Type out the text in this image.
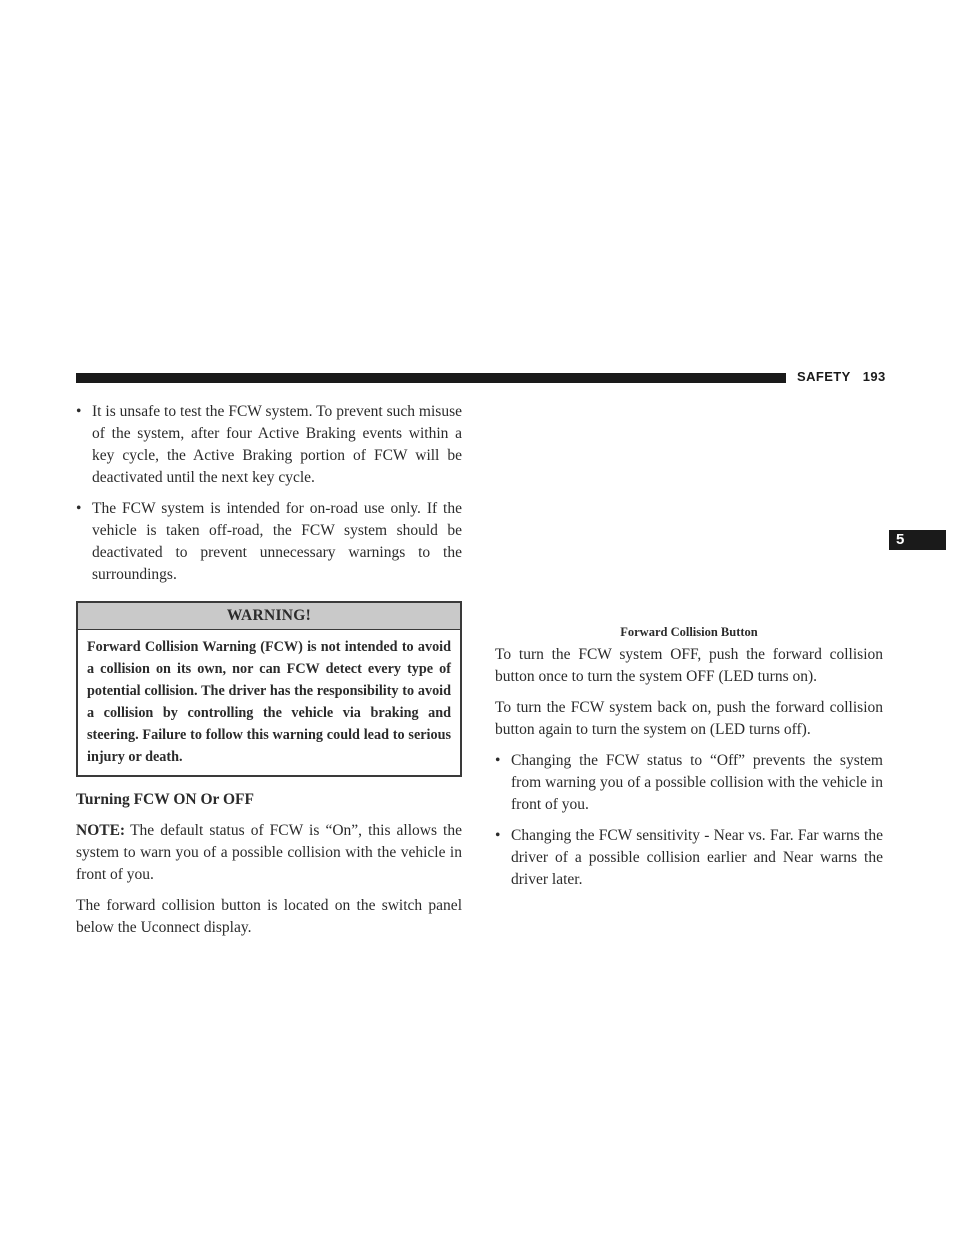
SAFETY 193
5
• It is unsafe to test the FCW system. To prevent such misuse of the system, after four Active Braking events within a key cycle, the Active Braking portion of FCW will be deactivated until the next key cycle.
• The FCW system is intended for on-road use only. If the vehicle is taken off-road, the FCW system should be deactivated to prevent unnecessary warnings to the surroundings.
WARNING!
Forward Collision Warning (FCW) is not intended to avoid a collision on its own, nor can FCW detect every type of potential collision. The driver has the responsibility to avoid a collision by controlling the vehicle via braking and steering. Failure to follow this warning could lead to serious injury or death.
Turning FCW ON Or OFF
NOTE: The default status of FCW is “On”, this allows the system to warn you of a possible collision with the vehicle in front of you.
The forward collision button is located on the switch panel below the Uconnect display.
Forward Collision Button
To turn the FCW system OFF, push the forward collision button once to turn the system OFF (LED turns on).
To turn the FCW system back on, push the forward collision button again to turn the system on (LED turns off).
• Changing the FCW status to “Off” prevents the system from warning you of a possible collision with the vehicle in front of you.
• Changing the FCW sensitivity - Near vs. Far. Far warns the driver of a possible collision earlier and Near warns the driver later.
